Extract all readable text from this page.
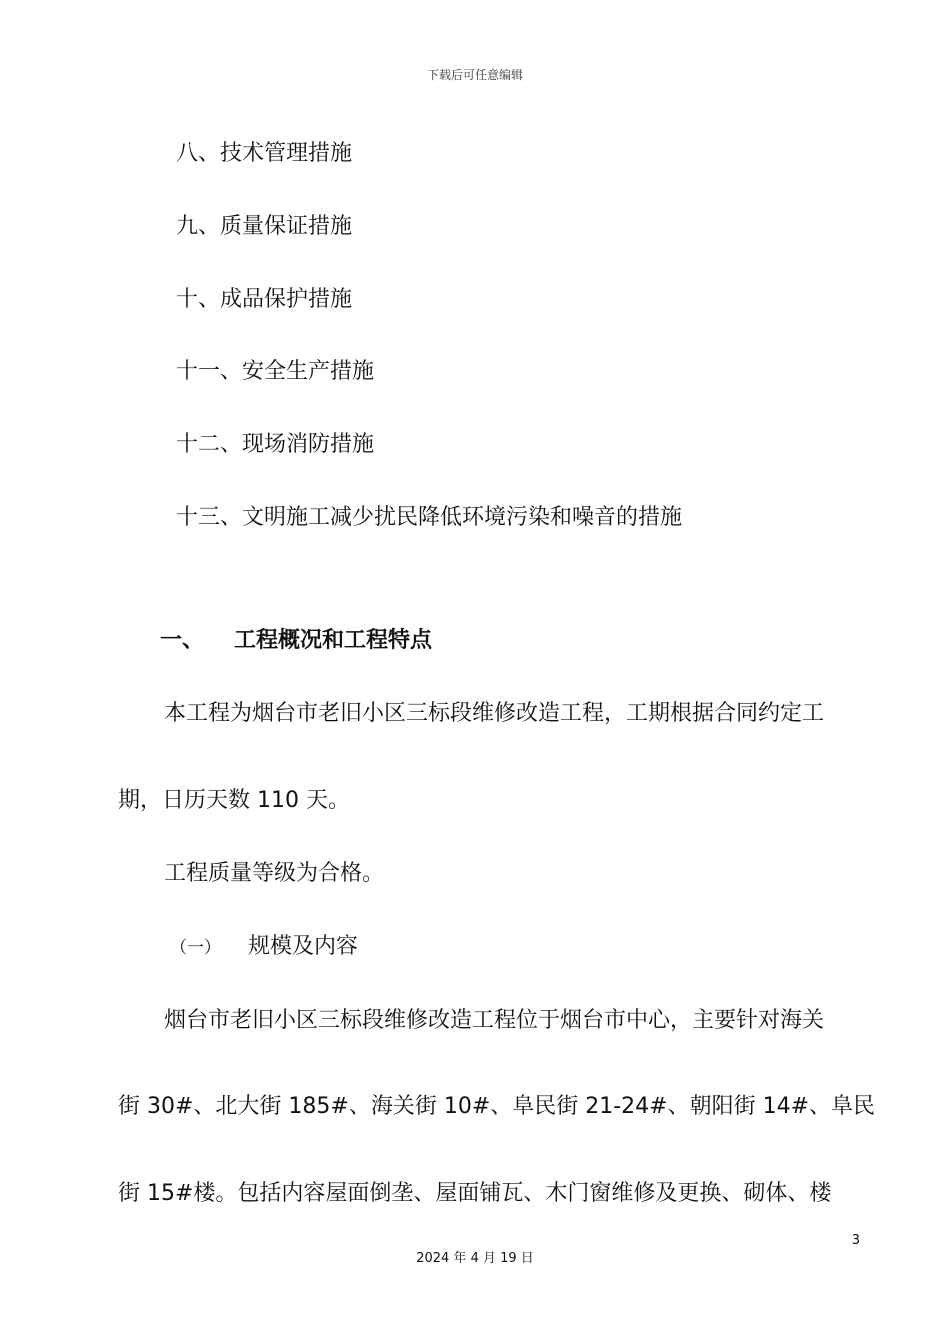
下载后可任意编辑
八、技术管理措施
九、质量保证措施
十、成品保护措施
十一、安全生产措施
十二、现场消防措施
十三、文明施工减少扰民降低环境污染和噪音的措施
一、 工程概况和工程特点
本工程为烟台市老旧小区三标段维修改造工程，工期根据合同约定工
期，日历天数 110 天。
工程质量等级为合格。
（一） 规模及内容
烟台市老旧小区三标段维修改造工程位于烟台市中心，主要针对海关
街 30#、北大街 185#、海关街 10#、阜民街 21-24#、朝阳街 14#、阜民
街 15#楼。包括内容屋面倒垄、屋面铺瓦、木门窗维修及更换、砌体、楼
3
2024 年 4 月 19 日
